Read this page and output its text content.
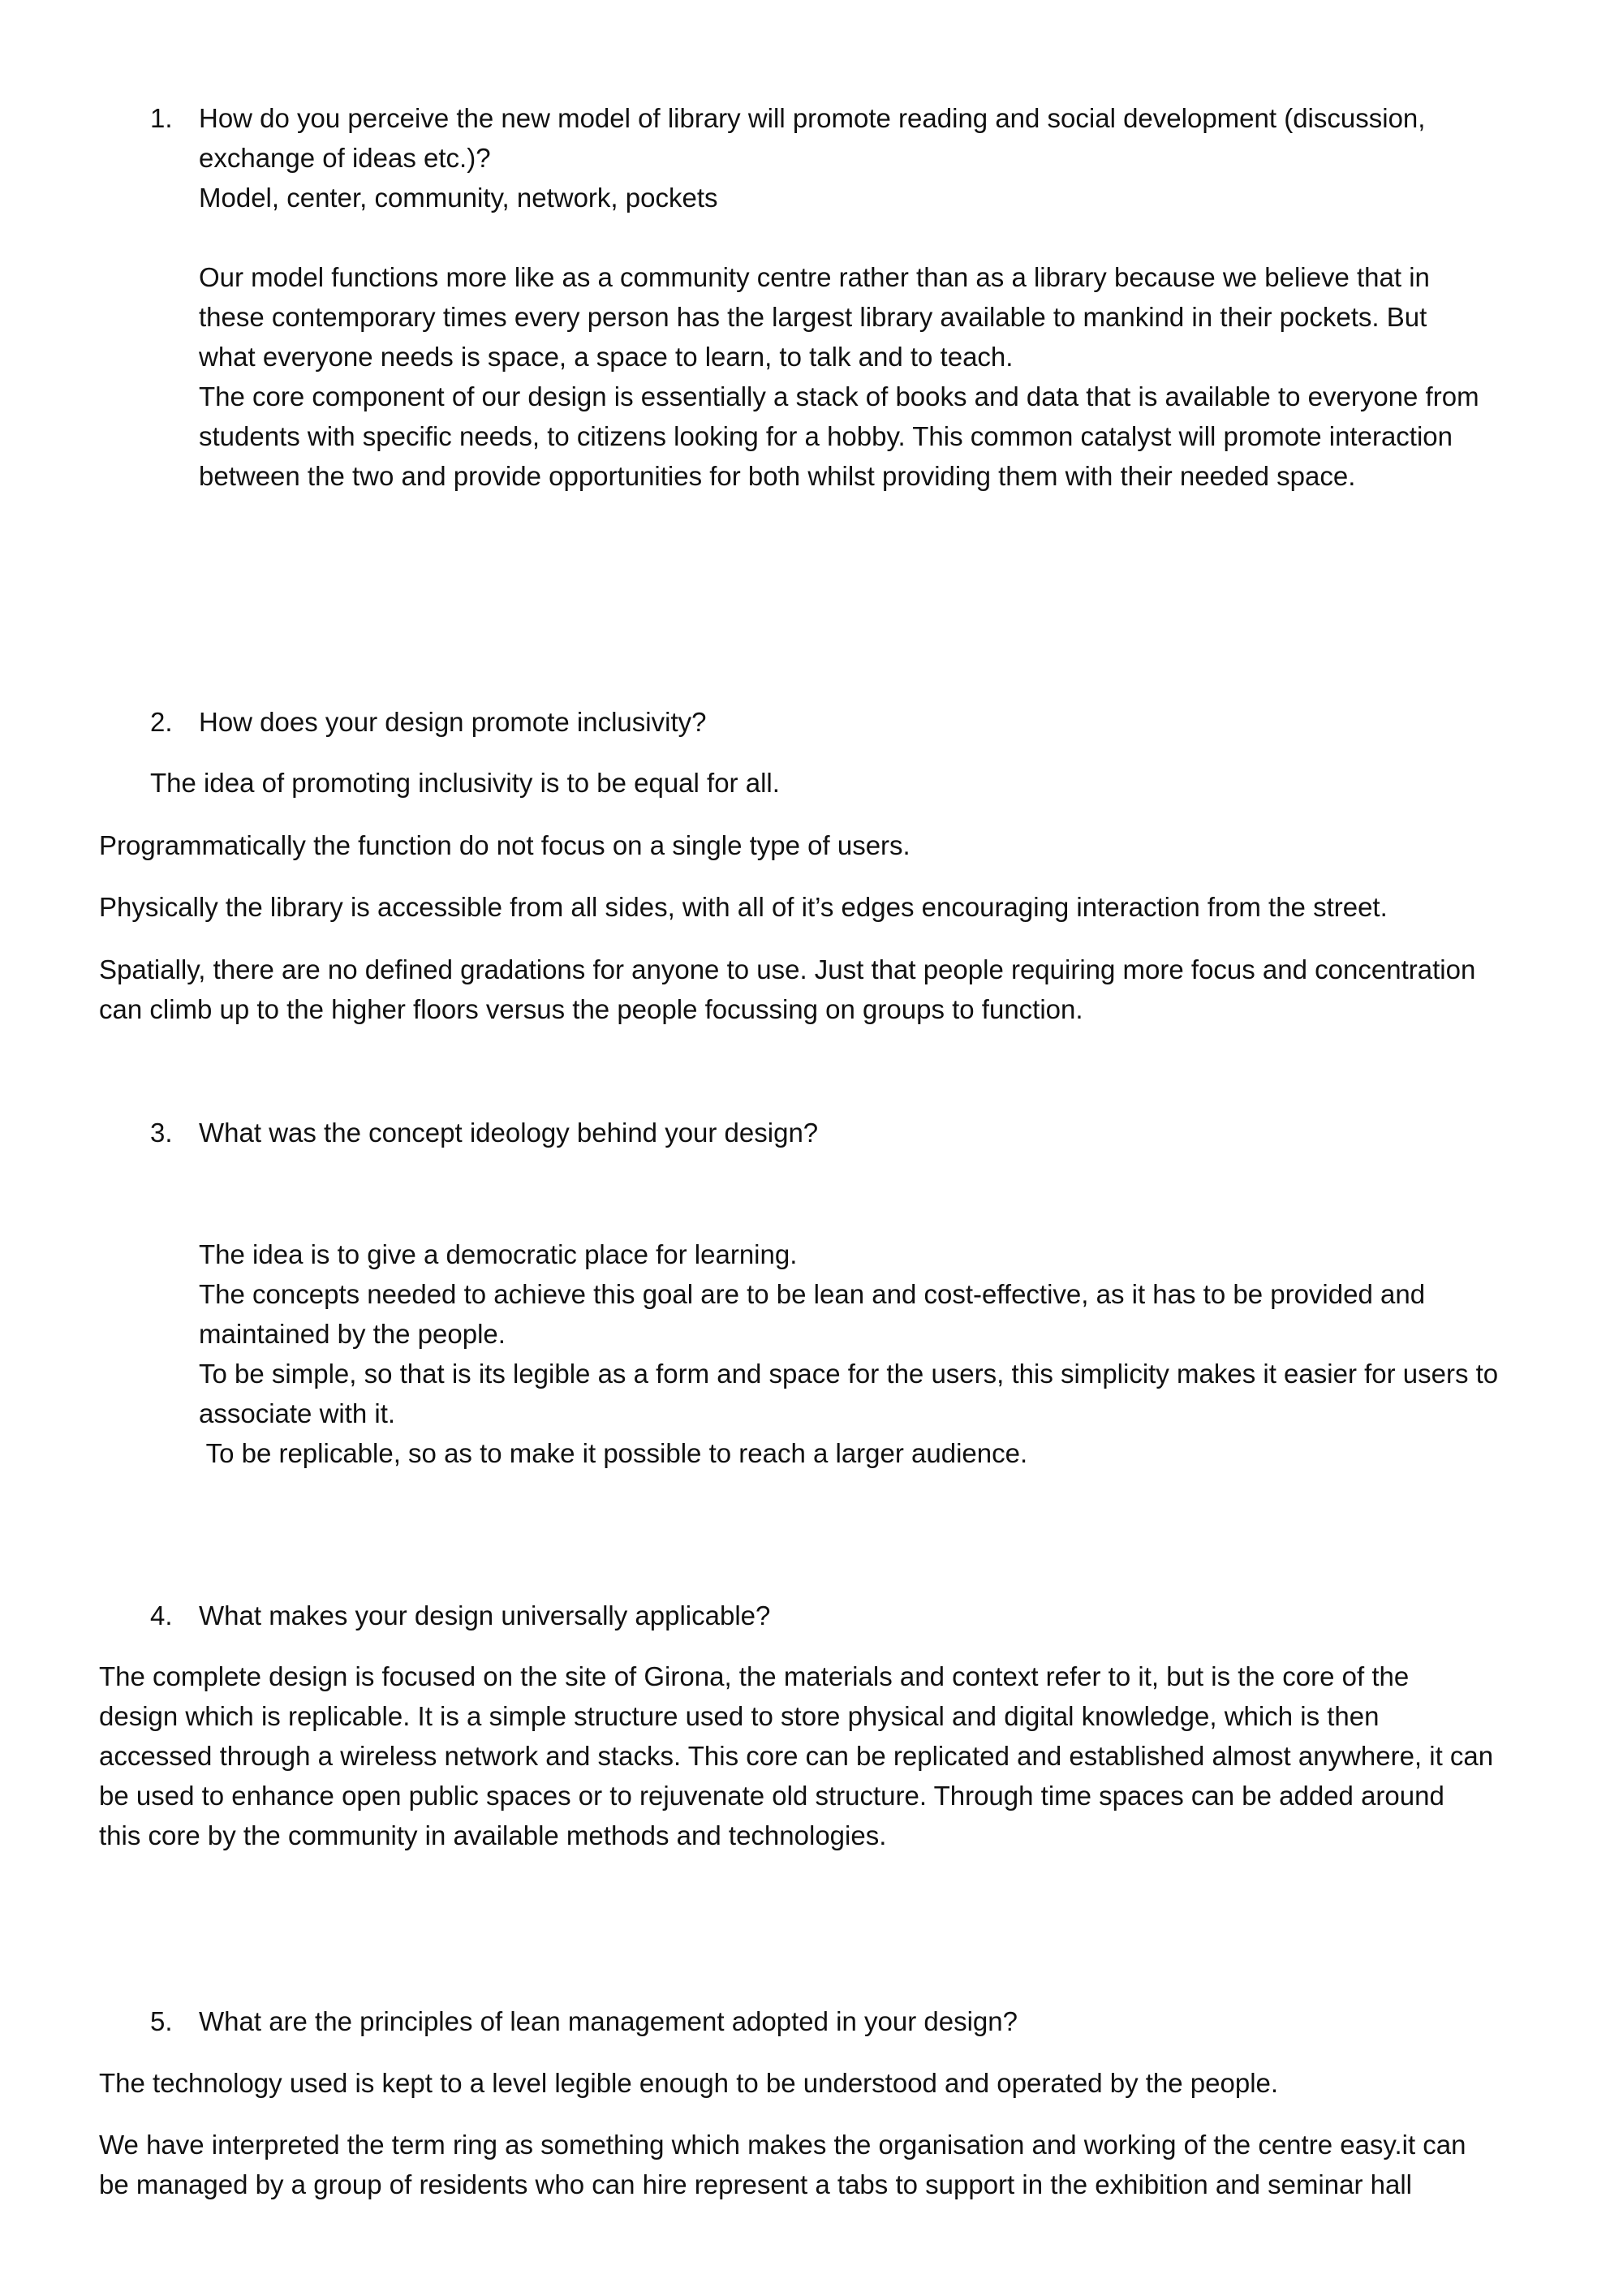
1. How do you perceive the new model of library will promote reading and social development (discussion,
exchange of ideas etc.)?
Model, center, community, network, pockets
Our model functions more like as a community centre rather than as a library because we believe that in
these contemporary times every person has the largest library available to mankind in their pockets. But
what everyone needs is space, a space to learn, to talk and to teach.
The core component of our design is essentially a stack of books and data that is available to everyone from
students with specific needs, to citizens looking for a hobby. This common catalyst will promote interaction
between the two and provide opportunities for both whilst providing them with their needed space.
2. How does your design promote inclusivity?
The idea of promoting inclusivity is to be equal for all.
Programmatically the function do not focus on a single type of users.
Physically the library is accessible from all sides, with all of it’s edges encouraging interaction from the street.
Spatially, there are no defined gradations for anyone to use. Just that people requiring more focus and concentration
can climb up to the higher floors versus the people focussing on groups to function.
3. What was the concept ideology behind your design?
The idea is to give a democratic place for learning.
The concepts needed to achieve this goal are to be lean and cost-effective, as it has to be provided and
maintained by the people.
To be simple, so that is its legible as a form and space for the users, this simplicity makes it easier for users to
associate with it.
To be replicable, so as to make it possible to reach a larger audience.
4. What makes your design universally applicable?
The complete design is focused on the site of Girona, the materials and context refer to it, but is the core of the
design which is replicable. It is a simple structure used to store physical and digital knowledge, which is then
accessed through a wireless network and stacks. This core can be replicated and established almost anywhere, it can
be used to enhance open public spaces or to rejuvenate old structure. Through time spaces can be added around
this core by the community in available methods and technologies.
5. What are the principles of lean management adopted in your design?
The technology used is kept to a level legible enough to be understood and operated by the people.
We have interpreted the term ring as something which makes the organisation and working of the centre easy.it can
be managed by a group of residents who can hire represent a tabs to support in the exhibition and seminar hall
